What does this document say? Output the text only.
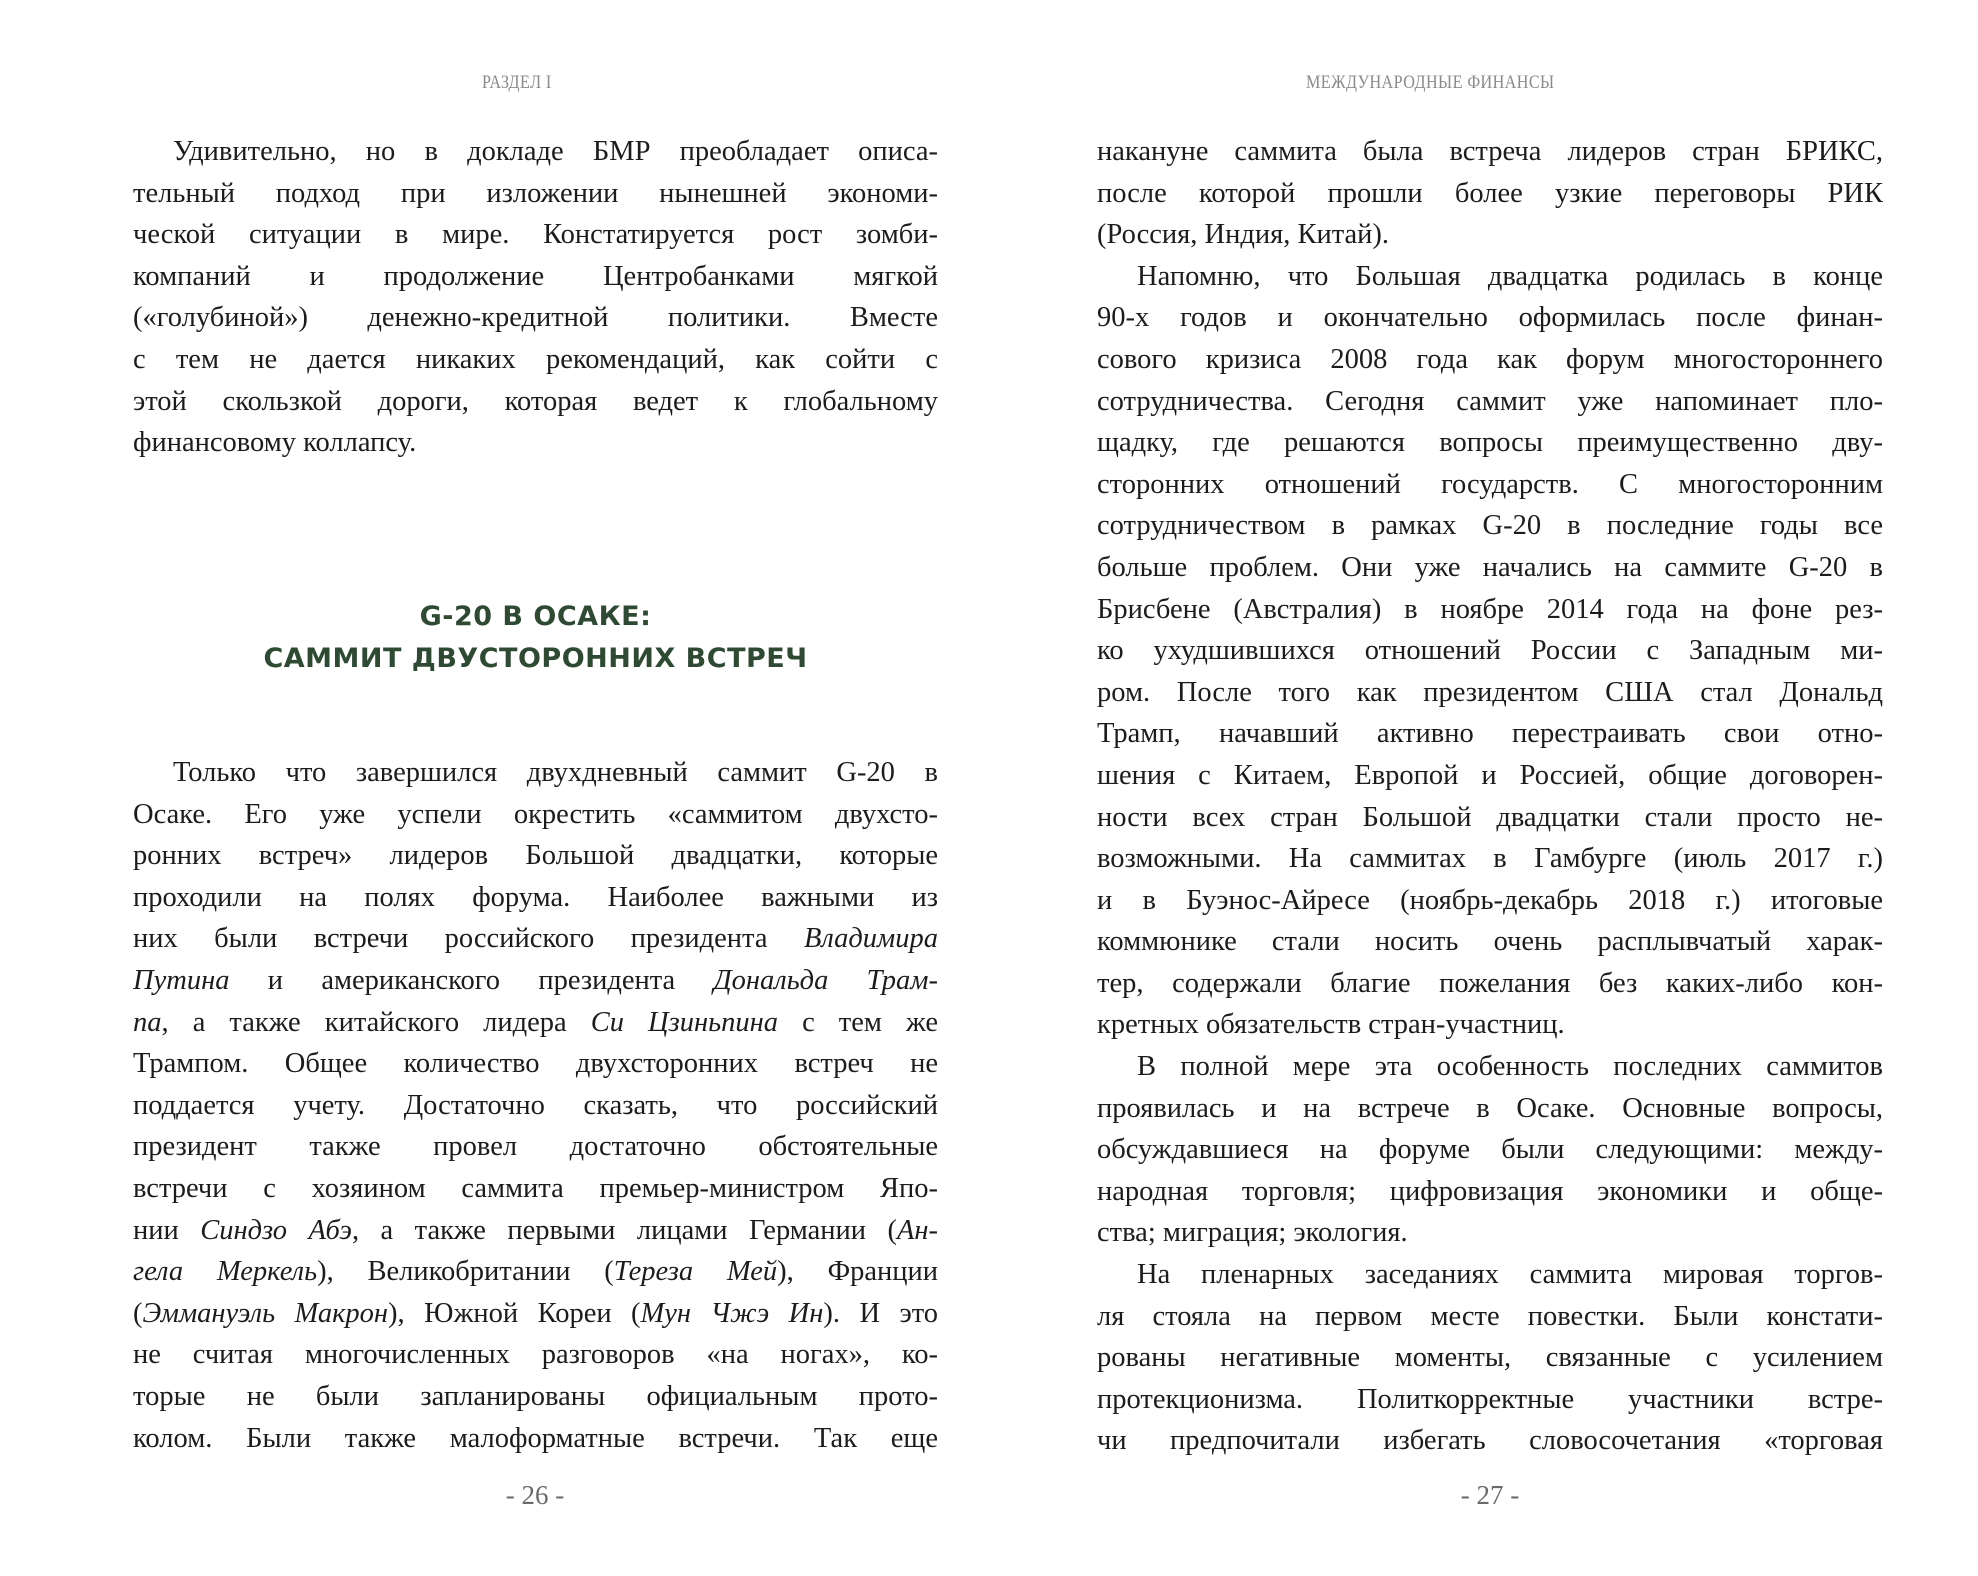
РАЗДЕЛ I	МЕЖДУНАРОДНЫЕ ФИНАНСЫ
Удивительно, но в докладе БМР преобладает описа-
тельный подход при изложении нынешней экономи-
ческой ситуации в мире. Констатируется рост зомби-
компаний и продолжение Центробанками мягкой
(«голубиной») денежно-кредитной политики. Вместе
с тем не дается никаких рекомендаций, как сойти с
этой скользкой дороги, которая ведет к глобальному
финансовому коллапсу.
G-20 В ОСАКЕ:
САММИТ ДВУСТОРОННИХ ВСТРЕЧ
Только что завершился двухдневный саммит G-20 в
Осаке. Его уже успели окрестить «саммитом двухсто-
ронних встреч» лидеров Большой двадцатки, которые
проходили на полях форума. Наиболее важными из
них были встречи российского президента Владимира
Путина и американского президента Дональда Трам-
па, а также китайского лидера Си Цзиньпина с тем же
Трампом. Общее количество двухсторонних встреч не
поддается учету. Достаточно сказать, что российский
президент также провел достаточно обстоятельные
встречи с хозяином саммита премьер-министром Япо-
нии Синдзо Абэ, а также первыми лицами Германии (Ан-
гела Меркель), Великобритании (Тереза Мей), Франции
(Эммануэль Макрон), Южной Кореи (Мун Чжэ Ин). И это
не считая многочисленных разговоров «на ногах», ко-
торые не были запланированы официальным прото-
колом. Были также малоформатные встречи. Так еще
накануне саммита была встреча лидеров стран БРИКС,
после которой прошли более узкие переговоры РИК
(Россия, Индия, Китай).
Напомню, что Большая двадцатка родилась в конце
90-х годов и окончательно оформилась после финан-
сового кризиса 2008 года как форум многостороннего
сотрудничества. Сегодня саммит уже напоминает пло-
щадку, где решаются вопросы преимущественно дву-
сторонних отношений государств. С многосторонним
сотрудничеством в рамках G-20 в последние годы все
больше проблем. Они уже начались на саммите G-20 в
Брисбене (Австралия) в ноябре 2014 года на фоне рез-
ко ухудшившихся отношений России с Западным ми-
ром. После того как президентом США стал Дональд
Трамп, начавший активно перестраивать свои отно-
шения с Китаем, Европой и Россией, общие договорен-
ности всех стран Большой двадцатки стали просто не-
возможными. На саммитах в Гамбурге (июль 2017 г.)
и в Буэнос-Айресе (ноябрь-декабрь 2018 г.) итоговые
коммюнике стали носить очень расплывчатый харак-
тер, содержали благие пожелания без каких-либо кон-
кретных обязательств стран-участниц.
В полной мере эта особенность последних саммитов
проявилась и на встрече в Осаке. Основные вопросы,
обсуждавшиеся на форуме были следующими: между-
народная торговля; цифровизация экономики и обще-
ства; миграция; экология.
На пленарных заседаниях саммита мировая торгов-
ля стояла на первом месте повестки. Были констати-
рованы негативные моменты, связанные с усилением
протекционизма. Политкорректные участники встре-
чи предпочитали избегать словосочетания «торговая
- 26 -	- 27 -
